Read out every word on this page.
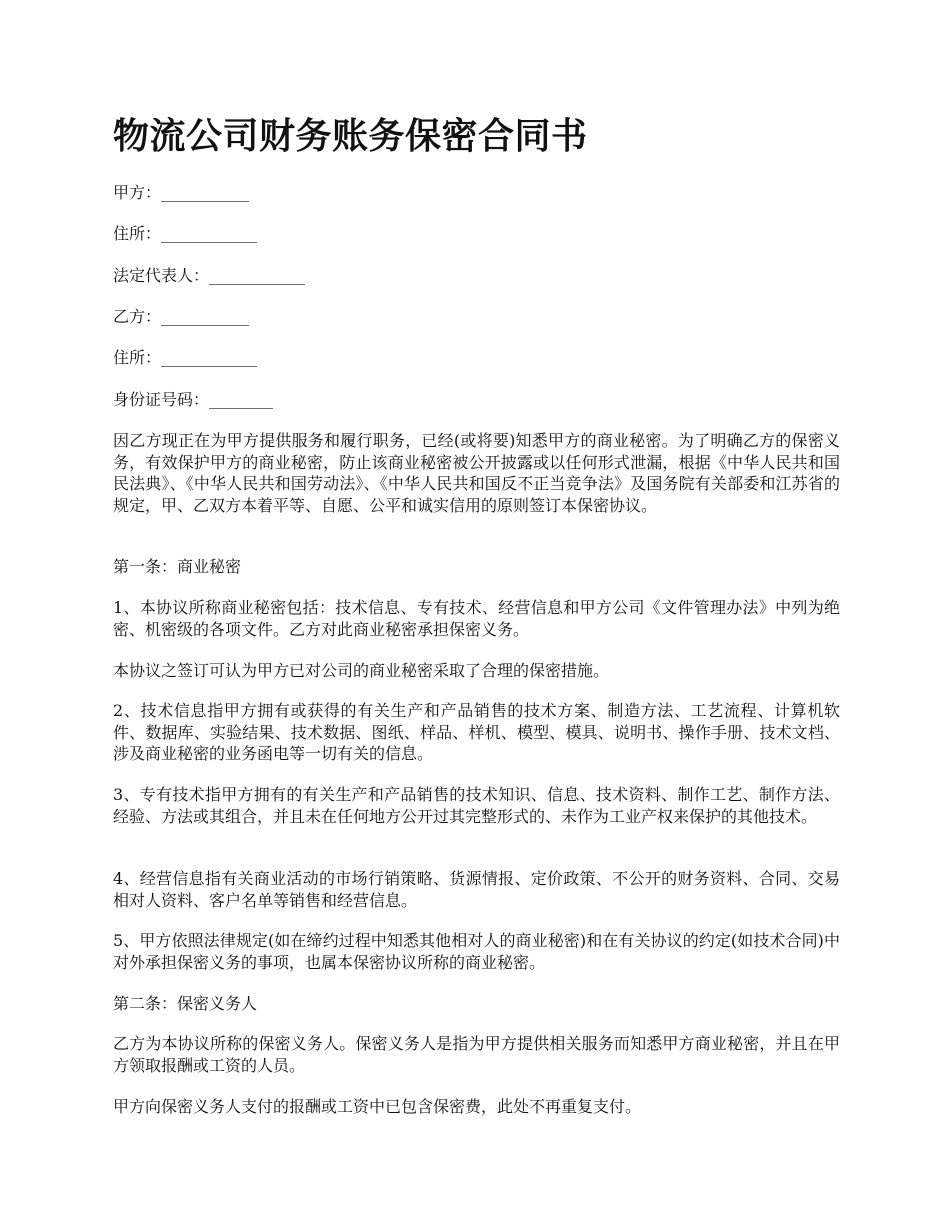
物流公司财务账务保密合同书

甲方：___________

住所：____________

法定代表人：____________

乙方：___________

住所：____________

身份证号码：________

因乙方现正在为甲方提供服务和履行职务，已经(或将要)知悉甲方的商业秘密。为了明确乙方的保密义务，有效保护甲方的商业秘密，防止该商业秘密被公开披露或以任何形式泄漏，根据《中华人民共和国民法典》、《中华人民共和国劳动法》、《中华人民共和国反不正当竞争法》及国务院有关部委和江苏省的规定，甲、乙双方本着平等、自愿、公平和诚实信用的原则签订本保密协议。

第一条：商业秘密

1、本协议所称商业秘密包括：技术信息、专有技术、经营信息和甲方公司《文件管理办法》中列为绝密、机密级的各项文件。乙方对此商业秘密承担保密义务。

本协议之签订可认为甲方已对公司的商业秘密采取了合理的保密措施。

2、技术信息指甲方拥有或获得的有关生产和产品销售的技术方案、制造方法、工艺流程、计算机软件、数据库、实验结果、技术数据、图纸、样品、样机、模型、模具、说明书、操作手册、技术文档、涉及商业秘密的业务函电等一切有关的信息。

3、专有技术指甲方拥有的有关生产和产品销售的技术知识、信息、技术资料、制作工艺、制作方法、经验、方法或其组合，并且未在任何地方公开过其完整形式的、未作为工业产权来保护的其他技术。

4、经营信息指有关商业活动的市场行销策略、货源情报、定价政策、不公开的财务资料、合同、交易相对人资料、客户名单等销售和经营信息。

5、甲方依照法律规定(如在缔约过程中知悉其他相对人的商业秘密)和在有关协议的约定(如技术合同)中对外承担保密义务的事项，也属本保密协议所称的商业秘密。

第二条：保密义务人

乙方为本协议所称的保密义务人。保密义务人是指为甲方提供相关服务而知悉甲方商业秘密，并且在甲方领取报酬或工资的人员。

甲方向保密义务人支付的报酬或工资中已包含保密费，此处不再重复支付。
